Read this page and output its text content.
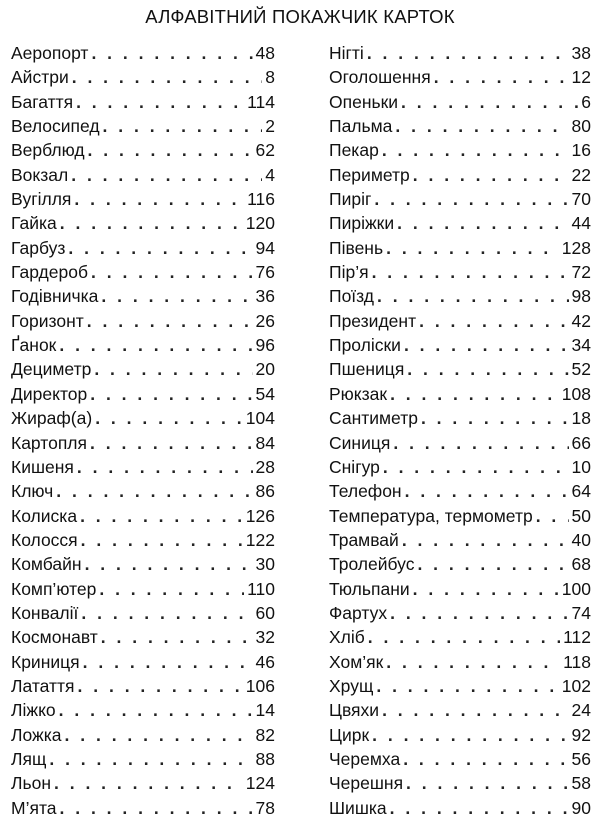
АЛФАВІТНИЙ ПОКАЖЧИК КАРТОК
Аеропорт . . .	48
Айстри . . .	8
Багаття . . .	114
Велосипед . . .	2
Верблюд . . .	62
Вокзал . . .	4
Вугілля . . .	116
Гайка . . .	120
Гарбуз . . .	94
Гардероб . . .	76
Годівничка . . .	36
Горизонт . . .	26
Ґанок . . .	96
Дециметр . . .	20
Директор . . .	54
Жираф(а) . . .	104
Картопля . . .	84
Кишеня . . .	28
Ключ . . .	86
Колиска . . .	126
Колосся . . .	122
Комбайн . . .	30
Комп’ютер . . .	110
Конвалії . . .	60
Космонавт . . .	32
Криниця . . .	46
Латаття . . .	106
Ліжко . . .	14
Ложка . . .	82
Лящ . . .	88
Льон . . .	124
М’ята . . .	78
Нігті . . .	38
Оголошення . . .	12
Опеньки . . .	6
Пальма . . .	80
Пекар . . .	16
Периметр . . .	22
Пиріг . . .	70
Пиріжки . . .	44
Півень . . .	128
Пір’я . . .	72
Поїзд . . .	98
Президент . . .	42
Проліски . . .	34
Пшениця . . .	52
Рюкзак . . .	108
Сантиметр . . .	18
Синиця . . .	66
Снігур . . .	10
Телефон . . .	64
Температура, термометр . . . 50
Трамвай . . .	40
Тролейбус . . .	68
Тюльпани . . .	100
Фартух . . .	74
Хліб . . .	112
Хом’як . . .	118
Хрущ . . .	102
Цвяхи . . .	24
Цирк . . .	92
Черемха . . .	56
Черешня . . .	58
Шишка . . .	90
